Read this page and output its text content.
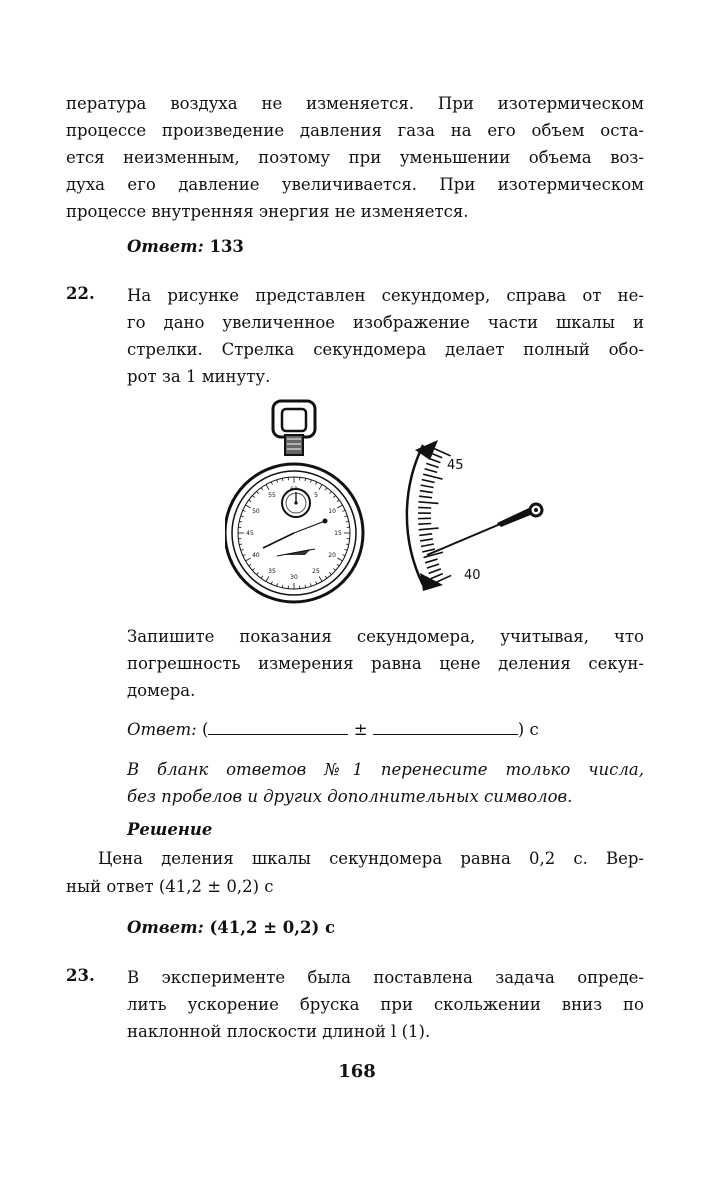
пература воздуха не изменяется. При изотермическом
процессе произведение давления газа на его объем оста-
ется неизменным, поэтому при уменьшении объема воз-
духа его давление увеличивается. При изотермическом
процессе внутренняя энергия не изменяется.
Ответ: 133
22. На рисунке представлен секундомер, справа от не-
го дано увеличенное изображение части шкалы и
стрелки. Стрелка секундомера делает полный обо-
рот за 1 минуту.
5
10
15
20
25
30
35
40
45
50
55
45
40
Запишите показания секундомера, учитывая, что
погрешность измерения равна цене деления секун-
домера.
Ответ: (	±	) с
В бланк ответов №1 перенесите только числа,
без пробелов и других дополнительных символов.
Решение
Цена деления шкалы секундомера равна 0,2 с. Вер-
ный ответ (41,2 ± 0,2) с
Ответ: (41,2 ± 0,2) с
23. В эксперименте была поставлена задача опреде-
лить ускорение бруска при скольжении вниз по
наклонной плоскости длиной l (1).
168
